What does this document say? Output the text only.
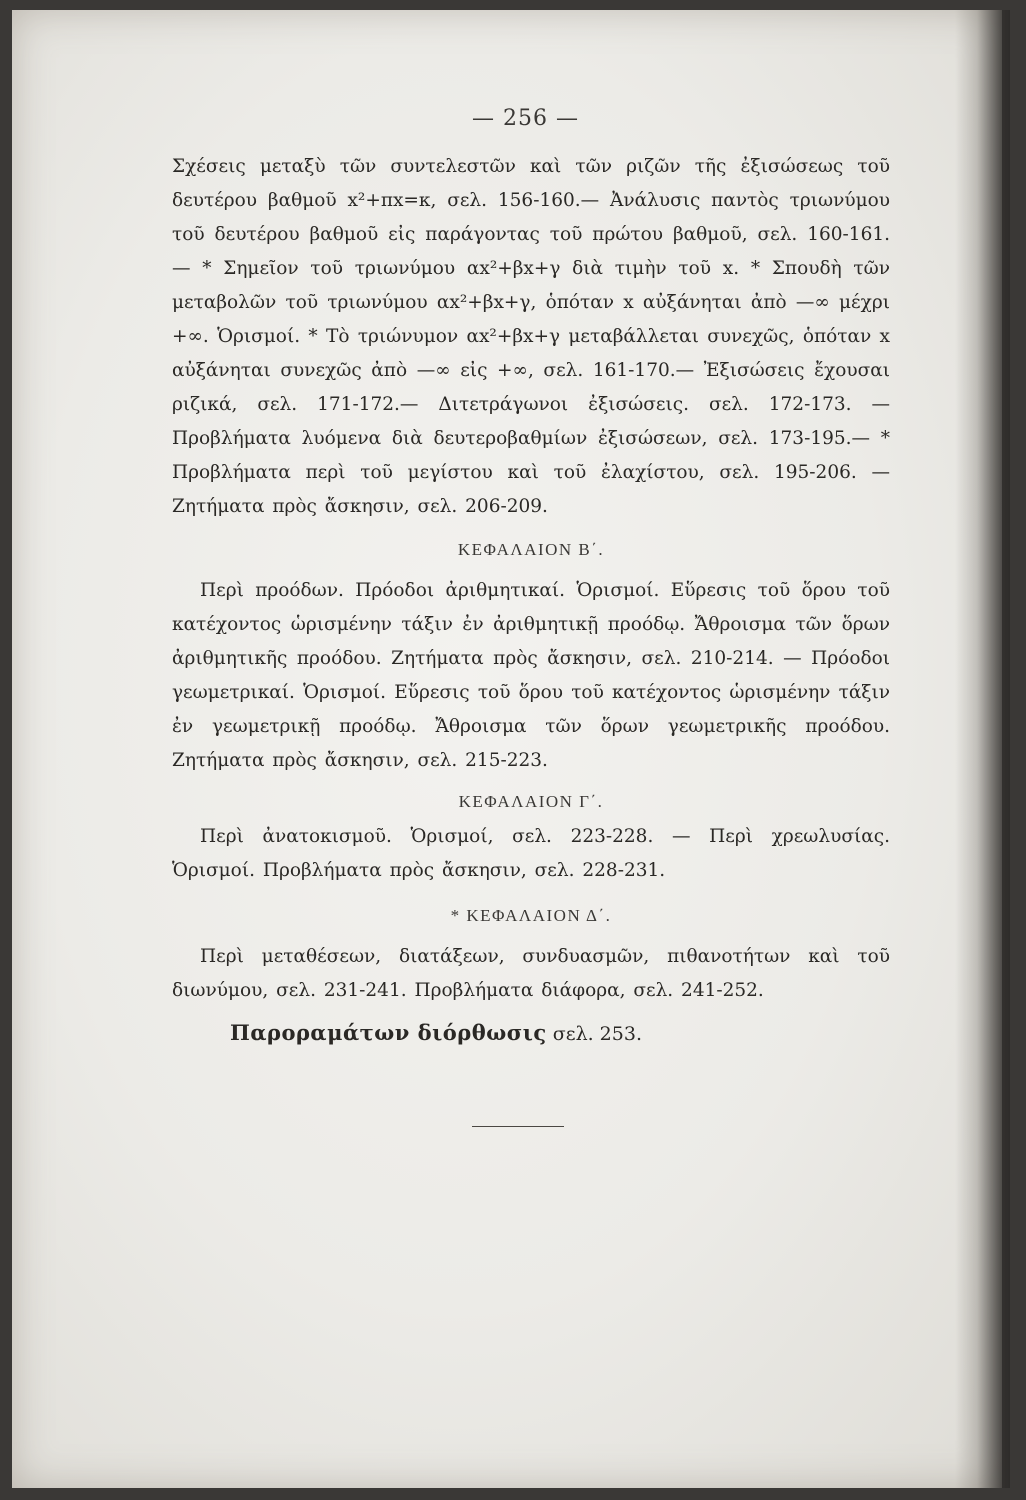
— 256 —
Σχέσεις μεταξὺ τῶν συντελεστῶν καὶ τῶν ριζῶν τῆς ἐξισώσεως τοῦ δευτέρου βαθμοῦ x²+πx=κ, σελ. 156-160.— Ἀνάλυσις παντὸς τριωνύμου τοῦ δευτέρου βαθμοῦ εἰς παράγοντας τοῦ πρώτου βαθμοῦ, σελ. 160-161.— * Σημεῖον τοῦ τριωνύμου αx²+βx+γ διὰ τιμὴν τοῦ x. * Σπουδὴ τῶν μεταβολῶν τοῦ τριωνύμου αx²+βx+γ, ὁπόταν x αὐξάνηται ἀπὸ —∞ μέχρι +∞. Ὁρισμοί. * Τὸ τριώνυμον αx²+βx+γ μεταβάλλεται συνεχῶς, ὁπόταν x αὐξάνηται συνεχῶς ἀπὸ —∞ εἰς +∞, σελ. 161-170.— Ἐξισώσεις ἔχουσαι ριζικά, σελ. 171-172.— Διτετράγωνοι ἐξισώσεις. σελ. 172-173. — Προβλήματα λυόμενα διὰ δευτεροβαθμίων ἐξισώσεων, σελ. 173-195.— * Προβλήματα περὶ τοῦ μεγίστου καὶ τοῦ ἐλαχίστου, σελ. 195-206. — Ζητήματα πρὸς ἄσκησιν, σελ. 206-209.
ΚΕΦΑΛΑΙΟΝ Β΄.
Περὶ προόδων. Πρόοδοι ἀριθμητικαί. Ὁρισμοί. Εὕρεσις τοῦ ὅρου τοῦ κατέχοντος ὡρισμένην τάξιν ἐν ἀριθμητικῇ προόδῳ. Ἄθροισμα τῶν ὅρων ἀριθμητικῆς προόδου. Ζητήματα πρὸς ἄσκησιν, σελ. 210-214. — Πρόοδοι γεωμετρικαί. Ὁρισμοί. Εὕρεσις τοῦ ὅρου τοῦ κατέχοντος ὡρισμένην τάξιν ἐν γεωμετρικῇ προόδῳ. Ἄθροισμα τῶν ὅρων γεωμετρικῆς προόδου. Ζητήματα πρὸς ἄσκησιν, σελ. 215-223.
ΚΕΦΑΛΑΙΟΝ Γ΄.
Περὶ ἀνατοκισμοῦ. Ὁρισμοί, σελ. 223-228. — Περὶ χρεωλυσίας. Ὁρισμοί. Προβλήματα πρὸς ἄσκησιν, σελ. 228-231.
* ΚΕΦΑΛΑΙΟΝ Δ΄.
Περὶ μεταθέσεων, διατάξεων, συνδυασμῶν, πιθανοτήτων καὶ τοῦ διωνύμου, σελ. 231-241. Προβλήματα διάφορα, σελ. 241-252.
Παροραμάτων διόρθωσις σελ. 253.
